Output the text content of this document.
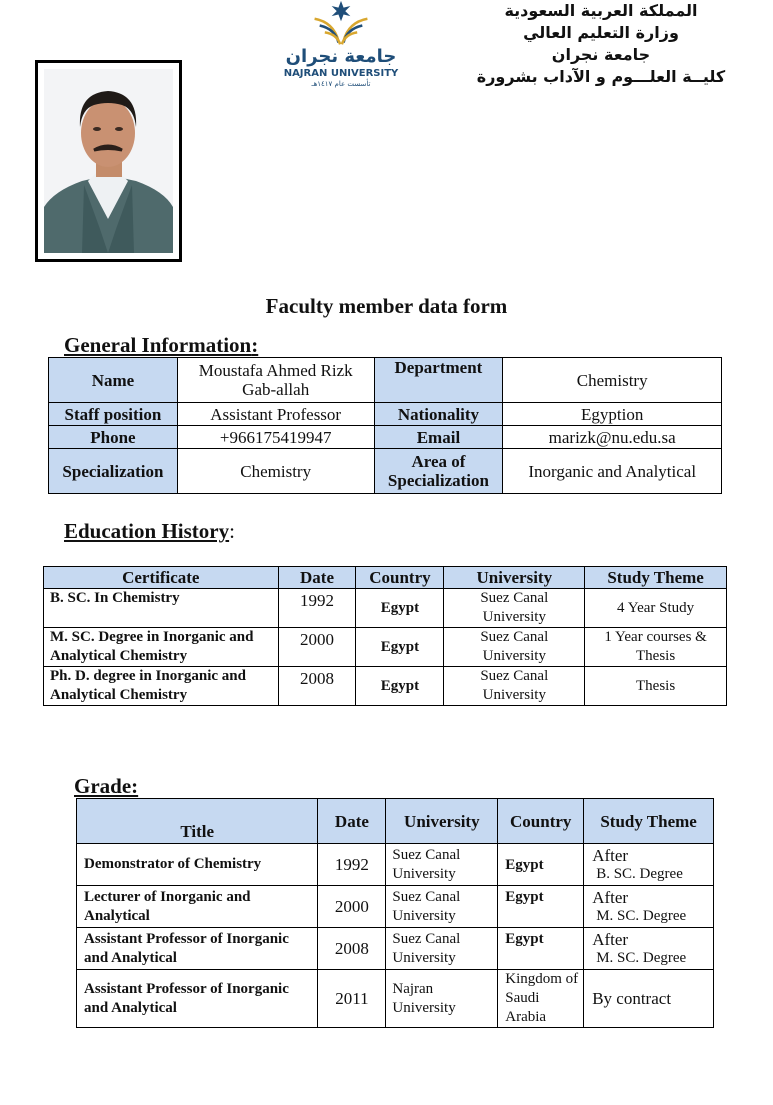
جامعة نجران
NAJRAN UNIVERSITY
تأسست عام ١٤١٧هـ
المملكة العربية السعودية
وزارة التعليم العالي
جامعة نجران
كليــة العلـــوم و الآداب بشرورة
Faculty member data form
General Information:
Name	Moustafa Ahmed Rizk Gab-allah	Department	Chemistry
Staff position	Assistant Professor	Nationality	Egyption
Phone	+966175419947	Email	marizk@nu.edu.sa
Specialization	Chemistry	Area of Specialization	Inorganic and Analytical
Education History:
Certificate	Date	Country	University	Study Theme
B. SC. In Chemistry	1992	Egypt	Suez Canal University	4 Year Study
M. SC. Degree in Inorganic and Analytical Chemistry	2000	Egypt	Suez Canal University	1 Year courses & Thesis
Ph. D. degree in Inorganic and Analytical Chemistry	2008	Egypt	Suez Canal University	Thesis
Grade:
Title	Date	University	Country	Study Theme
Demonstrator of Chemistry	1992	Suez Canal University	Egypt	After
B. SC. Degree

Lecturer of Inorganic and Analytical	2000	Suez Canal University	Egypt	After
M. SC. Degree

Assistant Professor of Inorganic and Analytical	2008	Suez Canal University	Egypt	After
M. SC. Degree

Assistant Professor of Inorganic and Analytical	2011	Najran University	Kingdom of Saudi Arabia	By contract
